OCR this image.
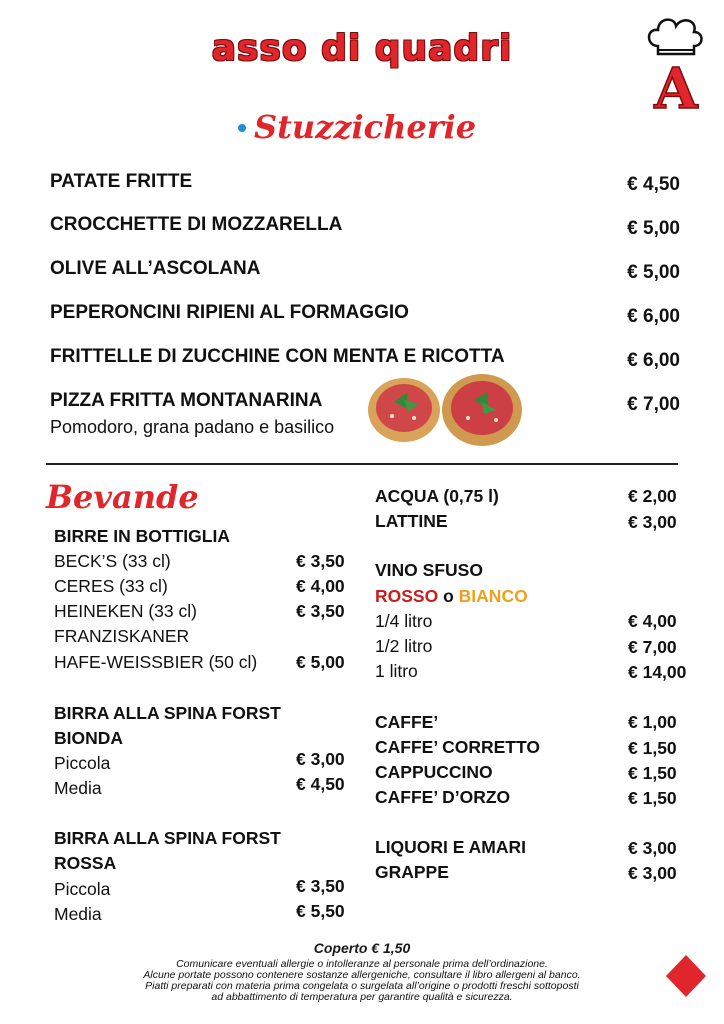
asso di quadri
A
Stuzzicherie
PATATE FRITTE	€ 4,50
CROCCHETTE DI MOZZARELLA	€ 5,00
OLIVE ALL’ASCOLANA	€ 5,00
PEPERONCINI RIPIENI AL FORMAGGIO	€ 6,00
FRITTELLE DI ZUCCHINE CON MENTA E RICOTTA	€ 6,00
PIZZA FRITTA MONTANARINA	€ 7,00
Pomodoro, grana padano e basilico
Bevande
BIRRE IN BOTTIGLIA
BECK’S (33 cl)	€ 3,50
CERES (33 cl)	€ 4,00
HEINEKEN (33 cl)	€ 3,50
FRANZISKANER
HAFE-WEISSBIER (50 cl) € 5,00
BIRRA ALLA SPINA FORST
BIONDA
Piccola	€ 3,00
Media	€ 4,50
BIRRA ALLA SPINA FORST
ROSSA
Piccola	€ 3,50
Media	€ 5,50
ACQUA (0,75 l)	€ 2,00
LATTINE	€ 3,00
VINO SFUSO
ROSSO o BIANCO
1/4 litro	€ 4,00
1/2 litro	€ 7,00
1 litro	€ 14,00
CAFFE’	€ 1,00
CAFFE’ CORRETTO	€ 1,50
CAPPUCCINO	€ 1,50
CAFFE’ D’ORZO	€ 1,50
LIQUORI E AMARI	€ 3,00
GRAPPE	€ 3,00
Coperto € 1,50
Comunicare eventuali allergie o intolleranze al personale prima dell’ordinazione.
Alcune portate possono contenere sostanze allergeniche, consultare il libro allergeni al banco.
Piatti preparati con materia prima congelata o surgelata all’origine o prodotti freschi sottoposti
ad abbattimento di temperatura per garantire qualità e sicurezza.
